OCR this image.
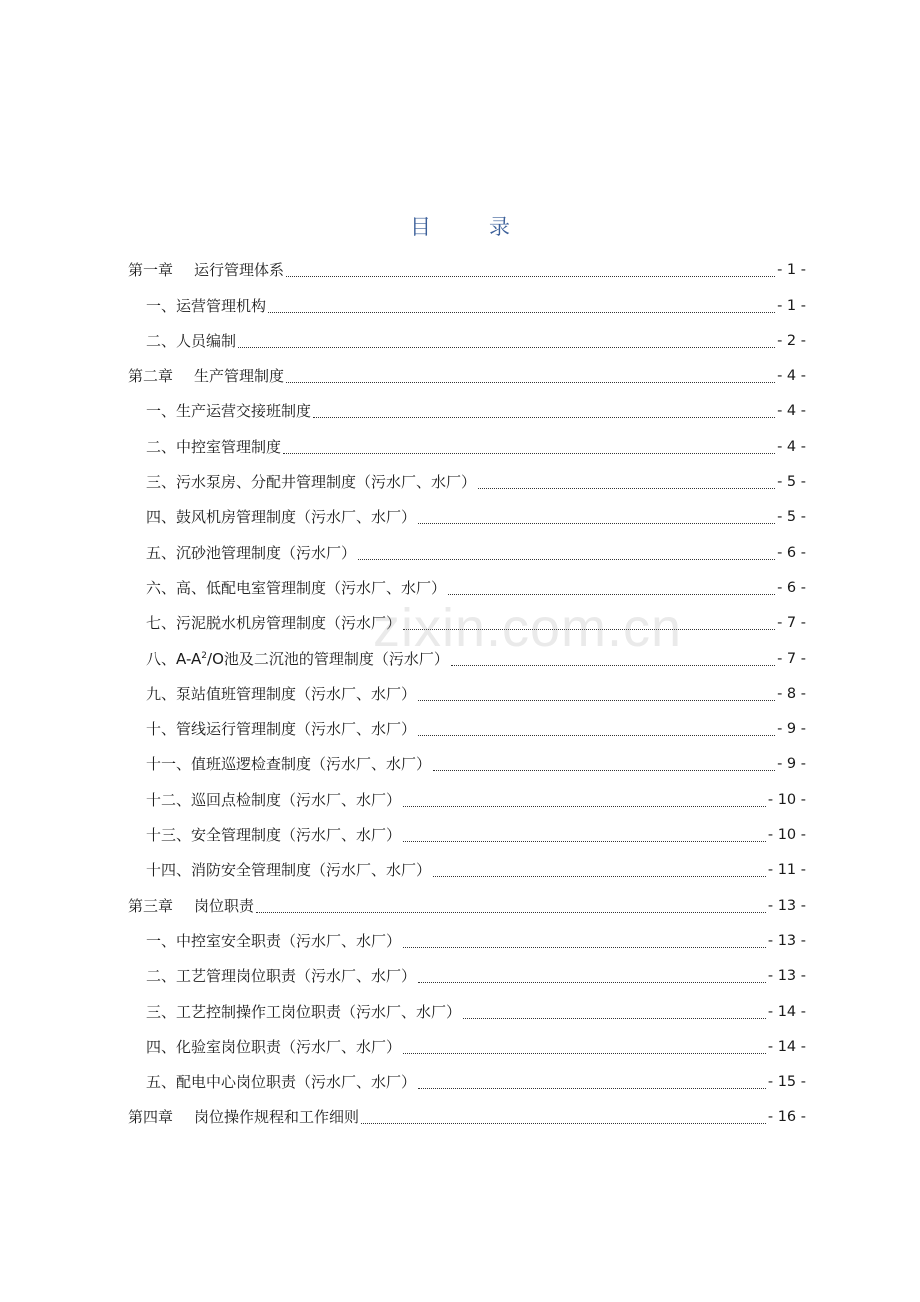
目	录
第一章 运行管理体系	- 1 -
一、运营管理机构	- 1 -
二、人员编制	- 2 -
第二章 生产管理制度	- 4 -
一、生产运营交接班制度	- 4 -
二、中控室管理制度	- 4 -
三、污水泵房、分配井管理制度（污水厂、水厂）	- 5 -
四、鼓风机房管理制度（污水厂、水厂）	- 5 -
五、沉砂池管理制度（污水厂）	- 6 -
六、高、低配电室管理制度（污水厂、水厂）	- 6 -
七、污泥脱水机房管理制度（污水厂）	- 7 -
八、$A-A^2/O$池及二沉池的管理制度（污水厂）	- 7 -
九、泵站值班管理制度（污水厂、水厂）	- 8 -
十、管线运行管理制度（污水厂、水厂）	- 9 -
十一、值班巡逻检查制度（污水厂、水厂）	- 9 -
十二、巡回点检制度（污水厂、水厂）	- 10 -
十三、安全管理制度（污水厂、水厂）	- 10 -
十四、消防安全管理制度（污水厂、水厂）	- 11 -
第三章 岗位职责	- 13 -
一、中控室安全职责（污水厂、水厂）	- 13 -
二、工艺管理岗位职责（污水厂、水厂）	- 13 -
三、工艺控制操作工岗位职责（污水厂、水厂）	- 14 -
四、化验室岗位职责（污水厂、水厂）	- 14 -
五、配电中心岗位职责（污水厂、水厂）	- 15 -
第四章 岗位操作规程和工作细则	- 16 -
zixin.com.cn
